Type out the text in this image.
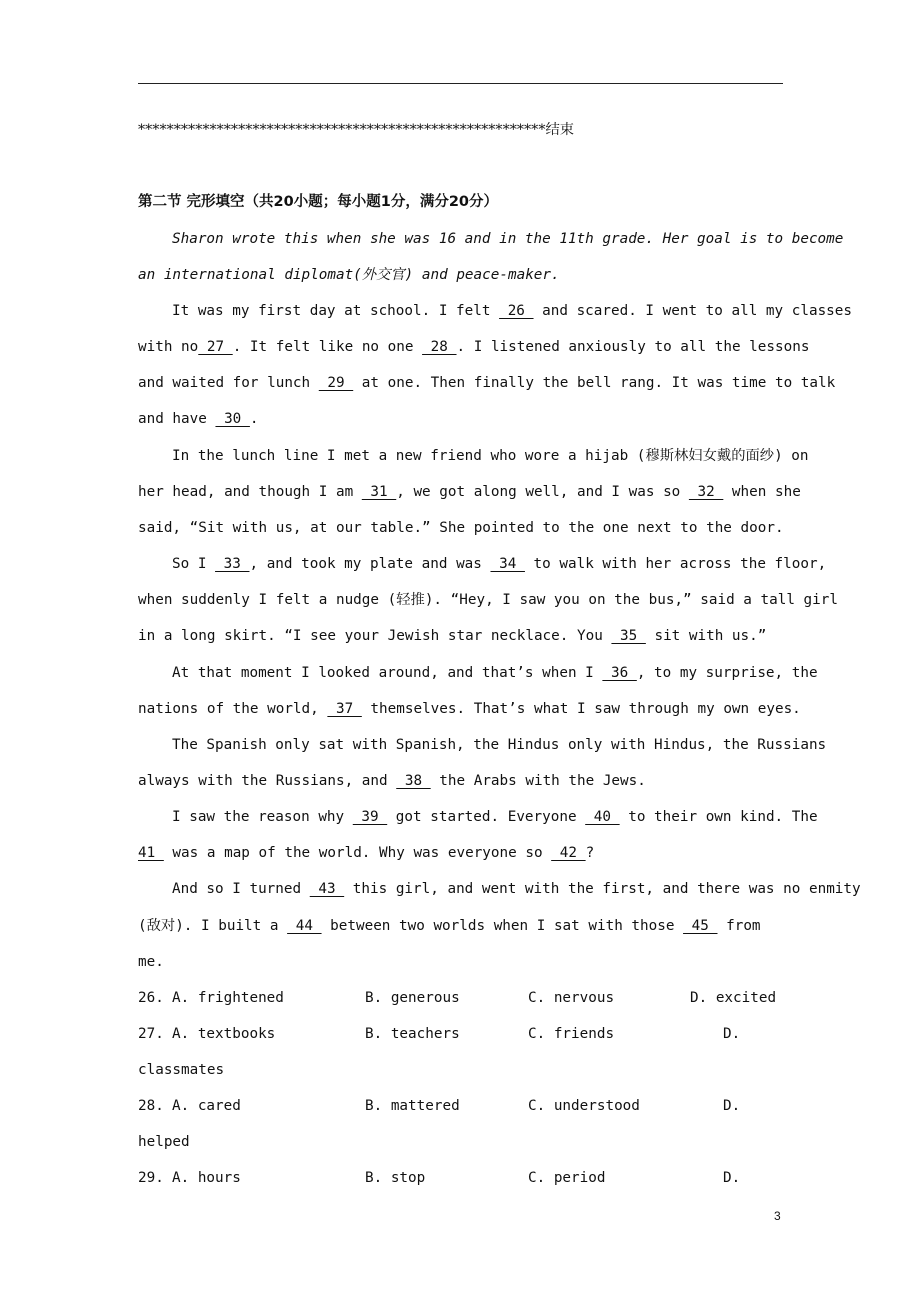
*********************************************************结束
第二节 完形填空（共20小题；每小题1分，满分20分）
Sharon wrote this when she was 16 and in the 11th grade. Her goal is to become
an international diplomat(外交官) and peace-maker.
It was my first day at school. I felt  26  and scared. I went to all my classes
with no 27 . It felt like no one  28 . I listened anxiously to all the lessons
and waited for lunch  29  at one. Then finally the bell rang. It was time to talk
and have  30 .
In the lunch line I met a new friend who wore a hijab (穆斯林妇女戴的面纱) on
her head, and though I am  31 , we got along well, and I was so  32  when she
said, “Sit with us, at our table.” She pointed to the one next to the door.
So I  33 , and took my plate and was  34  to walk with her across the floor,
when suddenly I felt a nudge (轻推). “Hey, I saw you on the bus,” said a tall girl
in a long skirt. “I see your Jewish star necklace. You  35  sit with us.”
At that moment I looked around, and that’s when I  36 , to my surprise, the
nations of the world,  37  themselves. That’s what I saw through my own eyes.
The Spanish only sat with Spanish, the Hindus only with Hindus, the Russians
always with the Russians, and  38  the Arabs with the Jews.
I saw the reason why  39  got started. Everyone  40  to their own kind. The
41  was a map of the world. Why was everyone so  42 ?
And so I turned  43  this girl, and went with the first, and there was no enmity
(敌对). I built a  44  between two worlds when I sat with those  45  from
me.
26. A. frightened	B. generous	C. nervous	D. excited
27. A. textbooks	B. teachers	C. friends	D.
classmates
28. A. cared	B. mattered	C. understood	D.
helped
29. A. hours	B. stop	C. period	D.
3
